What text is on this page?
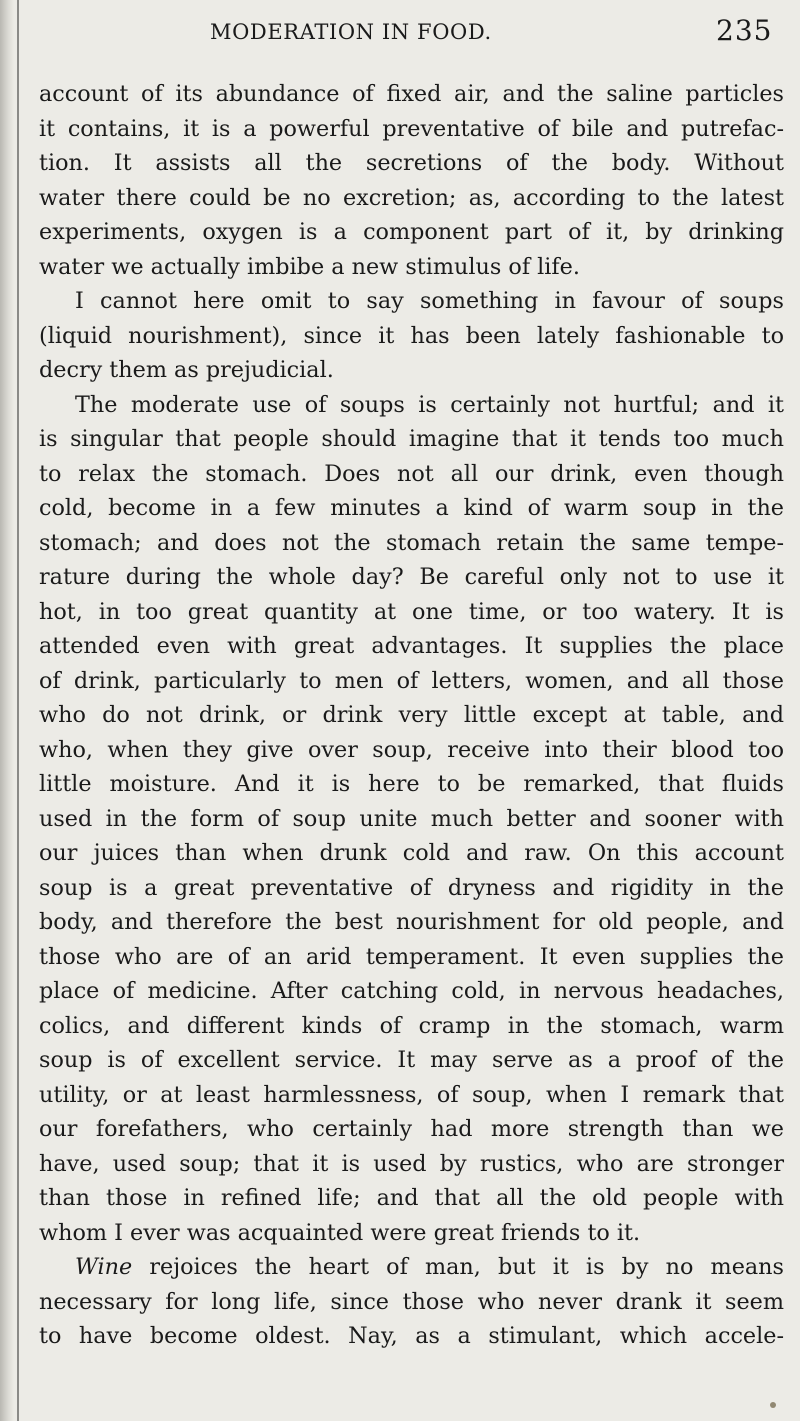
MODERATION IN FOOD.	235
account of its abundance of fixed air, and the saline particles
it contains, it is a powerful preventative of bile and putrefac-
tion. It assists all the secretions of the body. Without
water there could be no excretion; as, according to the latest
experiments, oxygen is a component part of it, by drinking
water we actually imbibe a new stimulus of life.
I cannot here omit to say something in favour of soups
(liquid nourishment), since it has been lately fashionable to
decry them as prejudicial.
The moderate use of soups is certainly not hurtful; and it
is singular that people should imagine that it tends too much
to relax the stomach. Does not all our drink, even though
cold, become in a few minutes a kind of warm soup in the
stomach; and does not the stomach retain the same tempe-
rature during the whole day? Be careful only not to use it
hot, in too great quantity at one time, or too watery. It is
attended even with great advantages. It supplies the place
of drink, particularly to men of letters, women, and all those
who do not drink, or drink very little except at table, and
who, when they give over soup, receive into their blood too
little moisture. And it is here to be remarked, that fluids
used in the form of soup unite much better and sooner with
our juices than when drunk cold and raw. On this account
soup is a great preventative of dryness and rigidity in the
body, and therefore the best nourishment for old people, and
those who are of an arid temperament. It even supplies the
place of medicine. After catching cold, in nervous headaches,
colics, and different kinds of cramp in the stomach, warm
soup is of excellent service. It may serve as a proof of the
utility, or at least harmlessness, of soup, when I remark that
our forefathers, who certainly had more strength than we
have, used soup; that it is used by rustics, who are stronger
than those in refined life; and that all the old people with
whom I ever was acquainted were great friends to it.
Wine rejoices the heart of man, but it is by no means
necessary for long life, since those who never drank it seem
to have become oldest. Nay, as a stimulant, which accele-
